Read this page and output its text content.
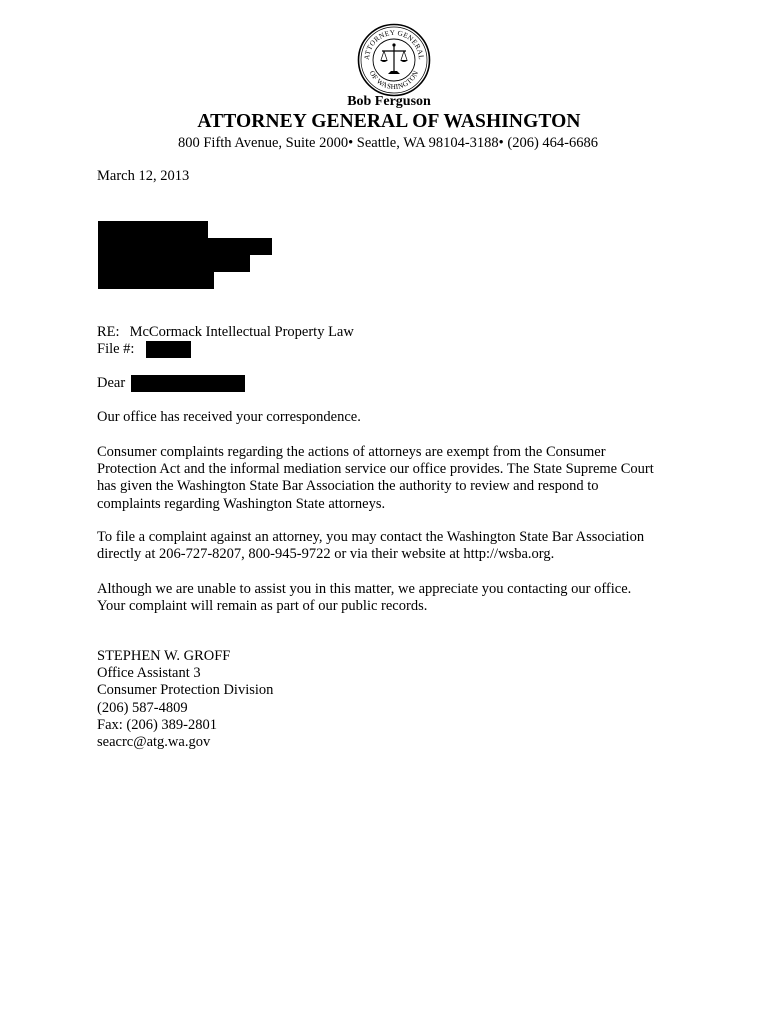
ATTORNEY GENERAL
OF WASHINGTON
Bob Ferguson
ATTORNEY GENERAL OF WASHINGTON
800 Fifth Avenue, Suite 2000• Seattle, WA 98104-3188• (206) 464-6686
March 12, 2013
RE: McCormack Intellectual Property Law
File #:
Dear
Our office has received your correspondence.
Consumer complaints regarding the actions of attorneys are exempt from the Consumer
Protection Act and the informal mediation service our office provides. The State Supreme Court
has given the Washington State Bar Association the authority to review and respond to
complaints regarding Washington State attorneys.
To file a complaint against an attorney, you may contact the Washington State Bar Association
directly at 206-727-8207, 800-945-9722 or via their website at http://wsba.org.
Although we are unable to assist you in this matter, we appreciate you contacting our office.
Your complaint will remain as part of our public records.
STEPHEN W. GROFF
Office Assistant 3
Consumer Protection Division
(206) 587-4809
Fax: (206) 389-2801
seacrc@atg.wa.gov
